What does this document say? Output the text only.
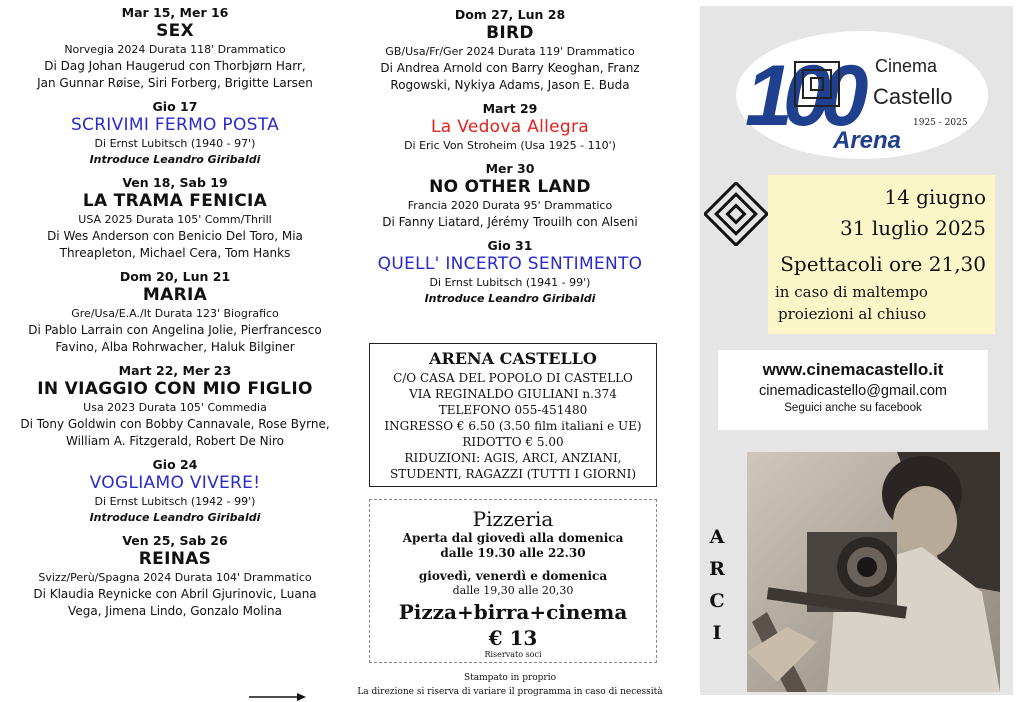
Mar 15, Mer 16
SEX
Norvegia 2024 Durata 118' Drammatico
Di Dag Johan Haugerud con Thorbjørn Harr,
Jan Gunnar Røise, Siri Forberg, Brigitte Larsen
Gio 17
SCRIVIMI FERMO POSTA
Di Ernst Lubitsch (1940 - 97')
Introduce Leandro Giribaldi
Ven 18, Sab 19
LA TRAMA FENICIA
USA 2025 Durata 105' Comm/Thrill
Di Wes Anderson con Benicio Del Toro, Mia
Threapleton, Michael Cera, Tom Hanks
Dom 20, Lun 21
MARIA
Gre/Usa/E.A./It Durata 123' Biografico
Di Pablo Larrain con Angelina Jolie, Pierfrancesco
Favino, Alba Rohrwacher, Haluk Bilginer
Mart 22, Mer 23
IN VIAGGIO CON MIO FIGLIO
Usa 2023 Durata 105' Commedia
Di Tony Goldwin con Bobby Cannavale, Rose Byrne,
William A. Fitzgerald, Robert De Niro
Gio 24
VOGLIAMO VIVERE!
Di Ernst Lubitsch (1942 - 99')
Introduce Leandro Giribaldi
Ven 25, Sab 26
REINAS
Svizz/Perù/Spagna 2024 Durata 104' Drammatico
Di Klaudia Reynicke con Abril Gjurinovic, Luana
Vega, Jimena Lindo, Gonzalo Molina
Dom 27, Lun 28
BIRD
GB/Usa/Fr/Ger 2024 Durata 119' Drammatico
Di Andrea Arnold con Barry Keoghan, Franz
Rogowski, Nykiya Adams, Jason E. Buda
Mart 29
La Vedova Allegra
Di Eric Von Stroheim (Usa 1925 - 110')
Mer 30
NO OTHER LAND
Francia 2020 Durata 95' Drammatico
Di Fanny Liatard, Jérémy Trouilh con Alseni
Gio 31
QUELL' INCERTO SENTIMENTO
Di Ernst Lubitsch (1941 - 99')
Introduce Leandro Giribaldi
ARENA CASTELLO
C/O CASA DEL POPOLO DI CASTELLO
VIA REGINALDO GIULIANI n.374
TELEFONO 055-451480
INGRESSO € 6.50 (3.50 film italiani e UE)
RIDOTTO € 5.00
RIDUZIONI: AGIS, ARCI, ANZIANI,
STUDENTI, RAGAZZI (TUTTI I GIORNI)
Pizzeria
Aperta dal giovedì alla domenica
dalle 19.30 alle 22.30
giovedì, venerdì e domenica
dalle 19,30 alle 20,30
Pizza+birra+cinema
€ 13
Riservato soci
Stampato in proprio
La direzione si riserva di variare il programma in caso di necessità
100 Cinema
Castello
1925 - 2025
Arena
14 giugno
31 luglio 2025
Spettacoli ore 21,30
in caso di maltempo
proiezioni al chiuso
www.cinemacastello.it
cinemadicastello@gmail.com
Seguici anche su facebook
A
R
C
I
